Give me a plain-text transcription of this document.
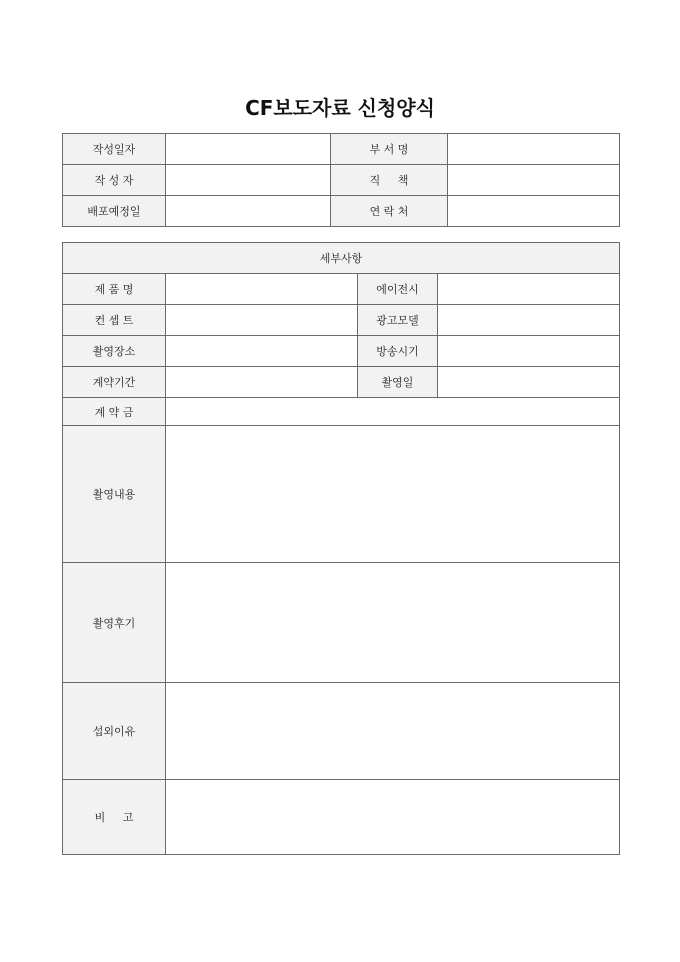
CF보도자료 신청양식
작성일자		부 서 명	
작 성 자		직     책	
배포예정일		연 락 처	
세부사항			
제 품 명		에이전시	
컨 셉 트		광고모델	
촬영장소		방송시기	
계약기간		촬영일	
계 약 금			
촬영내용			
촬영후기			
섭외이유			
비     고			
